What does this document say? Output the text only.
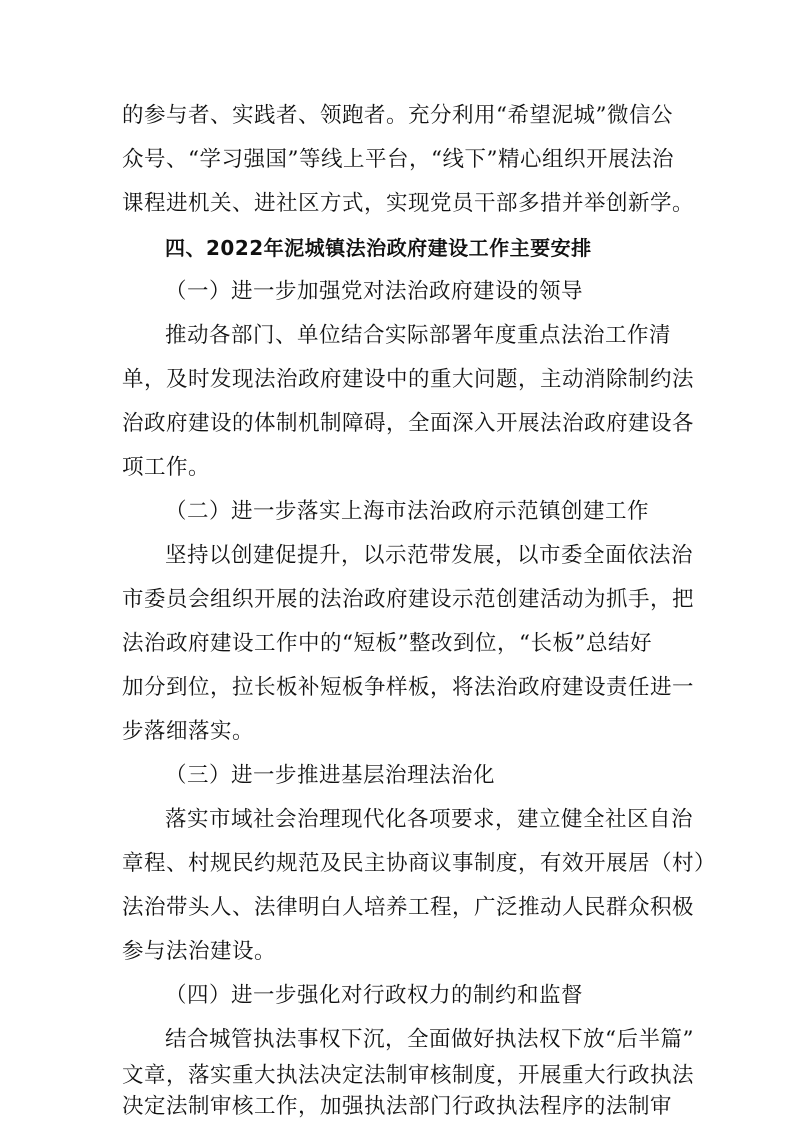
的参与者、实践者、领跑者。充分利用“希望泥城”微信公
众号、“学习强国”等线上平台，“线下”精心组织开展法治
课程进机关、进社区方式，实现党员干部多措并举创新学。
四、2022年泥城镇法治政府建设工作主要安排
（一）进一步加强党对法治政府建设的领导
推动各部门、单位结合实际部署年度重点法治工作清
单，及时发现法治政府建设中的重大问题，主动消除制约法
治政府建设的体制机制障碍，全面深入开展法治政府建设各
项工作。
（二）进一步落实上海市法治政府示范镇创建工作
坚持以创建促提升，以示范带发展，以市委全面依法治
市委员会组织开展的法治政府建设示范创建活动为抓手，把
法治政府建设工作中的“短板”整改到位，“长板”总结好
加分到位，拉长板补短板争样板，将法治政府建设责任进一
步落细落实。
（三）进一步推进基层治理法治化
落实市域社会治理现代化各项要求，建立健全社区自治
章程、村规民约规范及民主协商议事制度，有效开展居（村）
法治带头人、法律明白人培养工程，广泛推动人民群众积极
参与法治建设。
（四）进一步强化对行政权力的制约和监督
结合城管执法事权下沉，全面做好执法权下放“后半篇”
文章，落实重大执法决定法制审核制度，开展重大行政执法
决定法制审核工作，加强执法部门行政执法程序的法制审
